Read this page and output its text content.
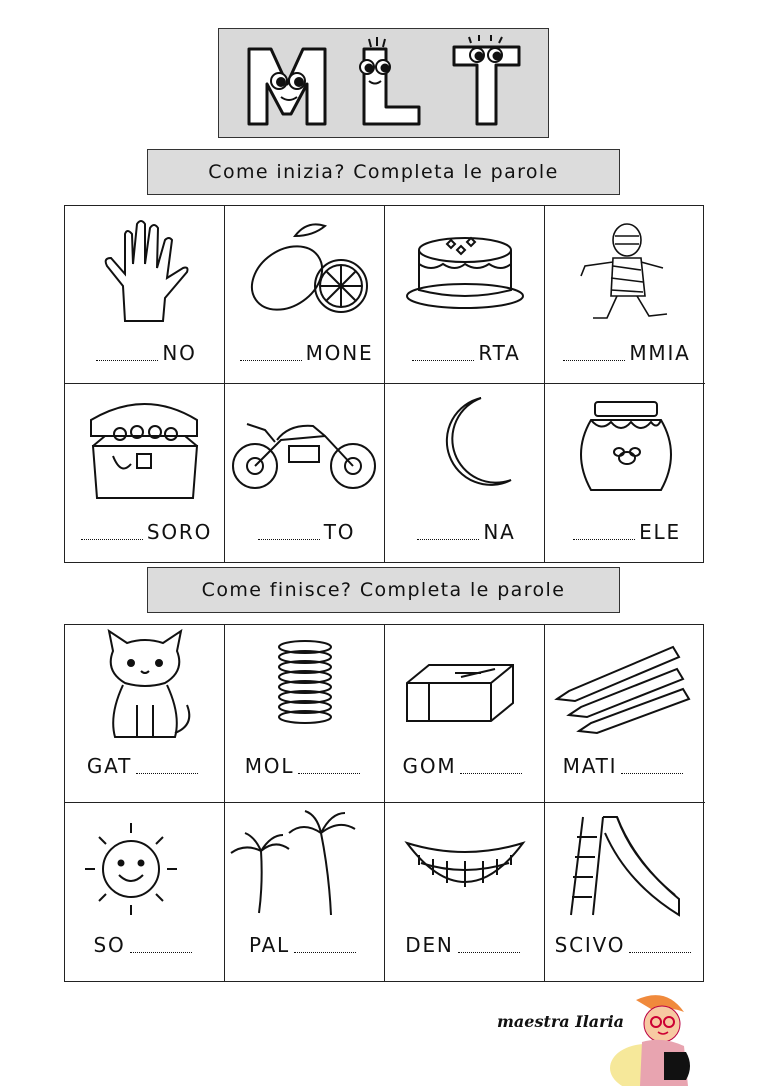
M
Come inizia? Completa le parole
NO	MONE	RTA	MMIA
SORO	TO	NA	ELE
Come finisce? Completa le parole
GAT	MOL	GOM	MATI
SO	PAL	DEN	SCIVO
maestra Ilaria
